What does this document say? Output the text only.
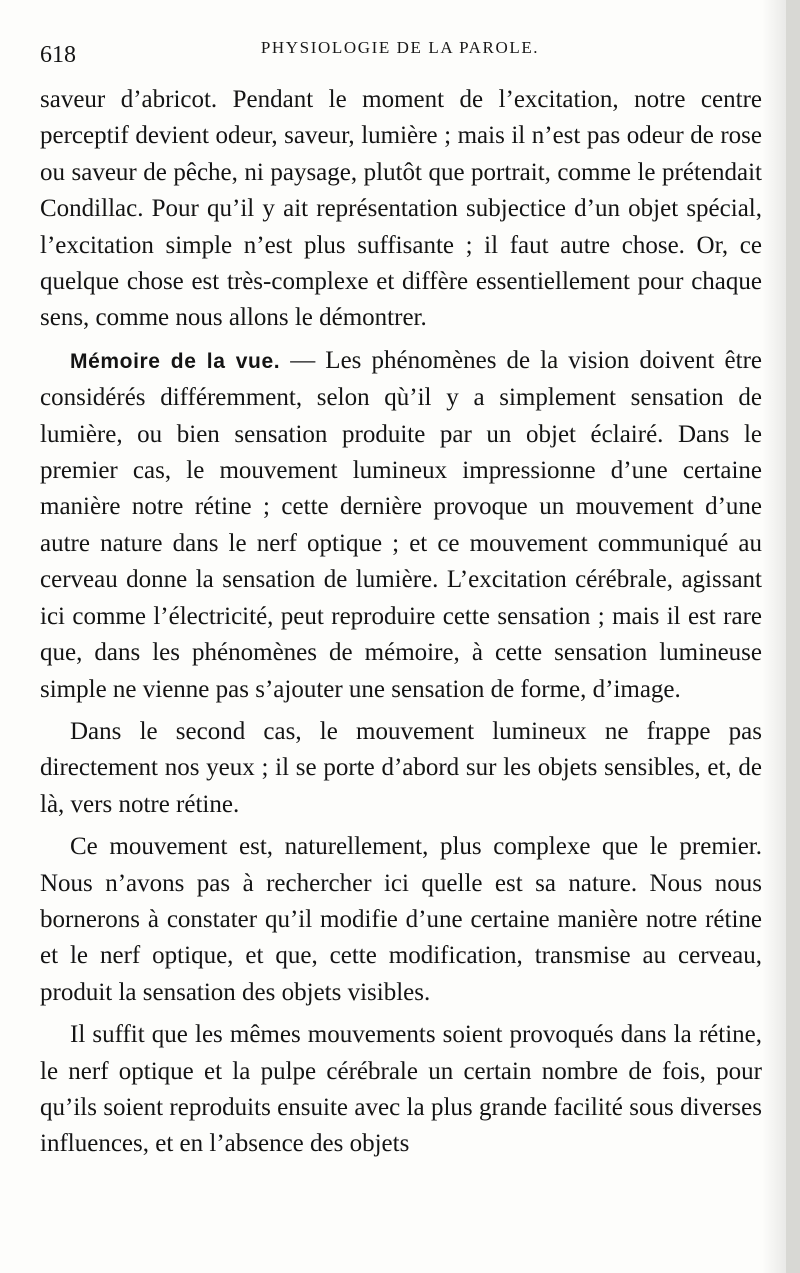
618	PHYSIOLOGIE DE LA PAROLE.

saveur d’abricot. Pendant le moment de l’excitation, notre centre perceptif devient odeur, saveur, lumière ; mais il n’est pas odeur de rose ou saveur de pêche, ni paysage, plutôt que portrait, comme le prétendait Condillac. Pour qu’il y ait représentation subjectice d’un objet spécial, l’excitation simple n’est plus suffisante ; il faut autre chose. Or, ce quelque chose est très-complexe et diffère essentiellement pour chaque sens, comme nous allons le démontrer.

Mémoire de la vue. — Les phénomènes de la vision doivent être considérés différemment, selon qù’il y a simplement sensation de lumière, ou bien sensation produite par un objet éclairé. Dans le premier cas, le mouvement lumineux impressionne d’une certaine manière notre rétine ; cette dernière provoque un mouvement d’une autre nature dans le nerf optique ; et ce mouvement communiqué au cerveau donne la sensation de lumière. L’excitation cérébrale, agissant ici comme l’électricité, peut reproduire cette sensation ; mais il est rare que, dans les phénomènes de mémoire, à cette sensation lumineuse simple ne vienne pas s’ajouter une sensation de forme, d’image.

Dans le second cas, le mouvement lumineux ne frappe pas directement nos yeux ; il se porte d’abord sur les objets sensibles, et, de là, vers notre rétine.

Ce mouvement est, naturellement, plus complexe que le premier. Nous n’avons pas à rechercher ici quelle est sa nature. Nous nous bornerons à constater qu’il modifie d’une certaine manière notre rétine et le nerf optique, et que, cette modification, transmise au cerveau, produit la sensation des objets visibles.

Il suffit que les mêmes mouvements soient provoqués dans la rétine, le nerf optique et la pulpe cérébrale un certain nombre de fois, pour qu’ils soient reproduits ensuite avec la plus grande facilité sous diverses influences, et en l’absence des objets
